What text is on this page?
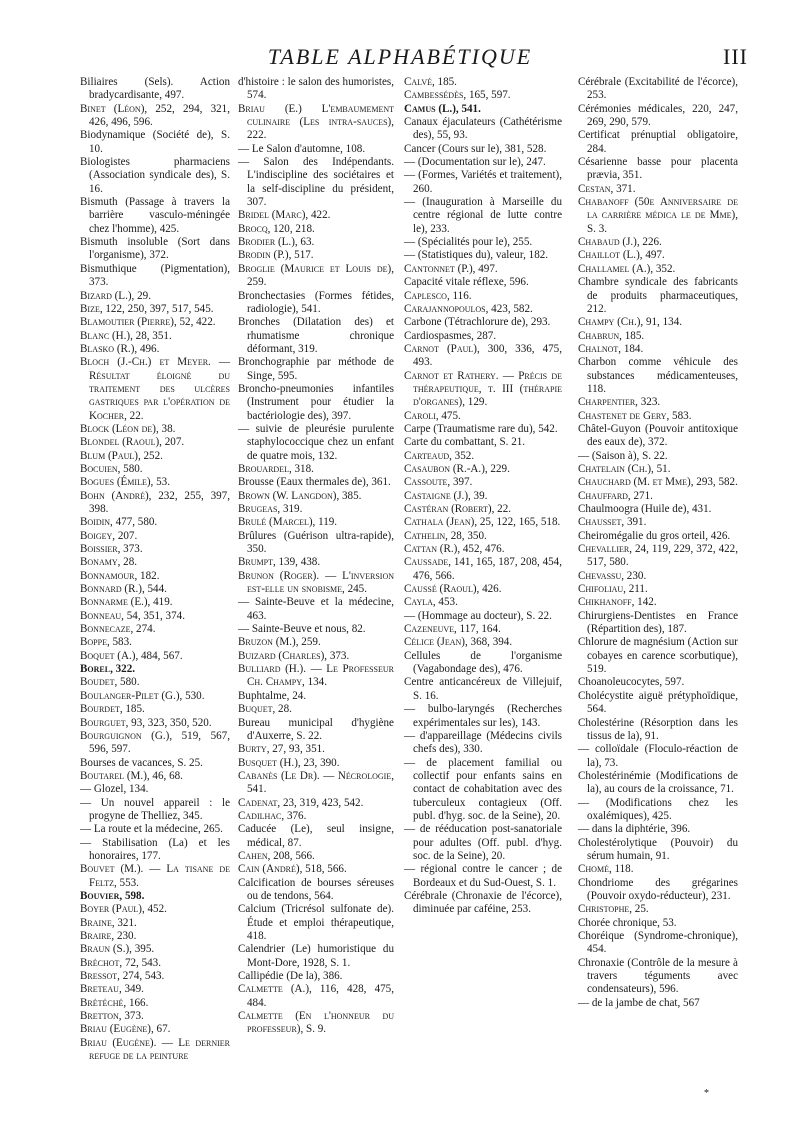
TABLE ALPHABÉTIQUE	III

Biliaires (Sels). Action bradycardisante, 497.

Binet (Léon), 252, 294, 321, 426, 496, 596.

Biodynamique (Société de), S. 10.

Biologistes pharmaciens (Association syndicale des), S. 16.

Bismuth (Passage à travers la barrière vasculo-méningée chez l'homme), 425.

Bismuth insoluble (Sort dans l'organisme), 372.

Bismuthique (Pigmentation), 373.

Bizard (L.), 29.

Bize, 122, 250, 397, 517, 545.

Blamoutier (Pierre), 52, 422.

Blanc (H.), 28, 351.

Blasko (R.), 496.

Bloch (J.-Ch.) et Meyer. — Résultat éloigné du traitement des ulcères gastriques par l'opération de Kocher, 22.

Block (Léon de), 38.

Blondel (Raoul), 207.

Blum (Paul), 252.

Bocuien, 580.

Bogues (Émile), 53.

Bohn (André), 232, 255, 397, 398.

Boidin, 477, 580.

Boigey, 207.

Boissier, 373.

Bonamy, 28.

Bonnamour, 182.

Bonnard (R.), 544.

Bonnarme (E.), 419.

Bonneau, 54, 351, 374.

Bonnecaze, 274.

Boppe, 583.

Boquet (A.), 484, 567.

Borel, 322.

Boudet, 580.

Boulanger-Pilet (G.), 530.

Bourdet, 185.

Bourguet, 93, 323, 350, 520.

Bourguignon (G.), 519, 567, 596, 597.

Bourses de vacances, S. 25.

Boutarel (M.), 46, 68.

— Glozel, 134.

— Un nouvel appareil : le progyne de Thelliez, 345.

— La route et la médecine, 265.

— Stabilisation (La) et les honoraires, 177.

Bouvet (M.). — La tisane de Feltz, 553.

Bouvier, 598.

Boyer (Paul), 452.

Braine, 321.

Braire, 230.

Braun (S.), 395.

Bréchot, 72, 543.

Bressot, 274, 543.

Breteau, 349.

Brétéché, 166.

Bretton, 373.

Briau (Eugène), 67.

Briau (Eugène). — Le dernier refuge de la peinture

d'histoire : le salon des humoristes, 574.

Briau (E.) L'embaumement culinaire (Les intra-sauces), 222.

— Le Salon d'automne, 108.

— Salon des Indépendants. L'indiscipline des sociétaires et la self-discipline du président, 307.

Bridel (Marc), 422.

Brocq, 120, 218.

Brodier (L.), 63.

Brodin (P.), 517.

Broglie (Maurice et Louis de), 259.

Bronchectasies (Formes fétides, radiologie), 541.

Bronches (Dilatation des) et rhumatisme chronique déformant, 319.

Bronchographie par méthode de Singe, 595.

Broncho-pneumonies infantiles (Instrument pour étudier la bactériologie des), 397.

— suivie de pleurésie purulente staphylococcique chez un enfant de quatre mois, 132.

Brouardel, 318.

Brousse (Eaux thermales de), 361.

Brown (W. Langdon), 385.

Brugeas, 319.

Brulé (Marcel), 119.

Brûlures (Guérison ultra-rapide), 350.

Brumpt, 139, 438.

Brunon (Roger). — L'inversion est-elle un snobisme, 245.

— Sainte-Beuve et la médecine, 463.

— Sainte-Beuve et nous, 82.

Bruzon (M.), 259.

Buizard (Charles), 373.

Bulliard (H.). — Le Professeur Ch. Champy, 134.

Buphtalme, 24.

Buquet, 28.

Bureau municipal d'hygiène d'Auxerre, S. 22.

Burty, 27, 93, 351.

Busquet (H.), 23, 390.

Cabanès (Le Dr). — Nécrologie, 541.

Cadenat, 23, 319, 423, 542.

Cadilhac, 376.

Caducée (Le), seul insigne, médical, 87.

Cahen, 208, 566.

Cain (André), 518, 566.

Calcification de bourses séreuses ou de tendons, 564.

Calcium (Tricrésol sulfonate de). Étude et emploi thérapeutique, 418.

Calendrier (Le) humoristique du Mont-Dore, 1928, S. 1.

Callipédie (De la), 386.

Calmette (A.), 116, 428, 475, 484.

Calmette (En l'honneur du professeur), S. 9.

Calvé, 185.

Cambessédès, 165, 597.

Camus (L.), 541.

Canaux éjaculateurs (Cathétérisme des), 55, 93.

Cancer (Cours sur le), 381, 528.

— (Documentation sur le), 247.

— (Formes, Variétés et traitement), 260.

— (Inauguration à Marseille du centre régional de lutte contre le), 233.

— (Spécialités pour le), 255.

— (Statistiques du), valeur, 182.

Cantonnet (P.), 497.

Capacité vitale réflexe, 596.

Caplesco, 116.

Carajannopoulos, 423, 582.

Carbone (Tétrachlorure de), 293.

Cardiospasmes, 287.

Carnot (Paul), 300, 336, 475, 493.

Carnot et Rathery. — Précis de thérapeutique, t. III (thérapie d'organes), 129.

Caroli, 475.

Carpe (Traumatisme rare du), 542.

Carte du combattant, S. 21.

Carteaud, 352.

Casaubon (R.-A.), 229.

Cassoute, 397.

Castaigne (J.), 39.

Castéran (Robert), 22.

Cathala (Jean), 25, 122, 165, 518.

Cathelin, 28, 350.

Cattan (R.), 452, 476.

Caussade, 141, 165, 187, 208, 454, 476, 566.

Caussé (Raoul), 426.

Cayla, 453.

— (Hommage au docteur), S. 22.

Cazeneuve, 117, 164.

Célice (Jean), 368, 394.

Cellules de l'organisme (Vagabondage des), 476.

Centre anticancéreux de Villejuif, S. 16.

— bulbo-laryngés (Recherches expérimentales sur les), 143.

— d'appareillage (Médecins civils chefs des), 330.

— de placement familial ou collectif pour enfants sains en contact de cohabitation avec des tuberculeux contagieux (Off. publ. d'hyg. soc. de la Seine), 20.

— de rééducation post-sanatoriale pour adultes (Off. publ. d'hyg. soc. de la Seine), 20.

— régional contre le cancer ; de Bordeaux et du Sud-Ouest, S. 1.

Cérébrale (Chronaxie de l'écorce), diminuée par caféine, 253.

Cérébrale (Excitabilité de l'écorce), 253.

Cérémonies médicales, 220, 247, 269, 290, 579.

Certificat prénuptial obligatoire, 284.

Césarienne basse pour placenta prævia, 351.

Cestan, 371.

Chabanoff (50e Anniversaire de la carrière médica le de Mme), S. 3.

Chabaud (J.), 226.

Chaillot (L.), 497.

Challamel (A.), 352.

Chambre syndicale des fabricants de produits pharmaceutiques, 212.

Champy (Ch.), 91, 134.

Chabrun, 185.

Chalnot, 184.

Charbon comme véhicule des substances médicamenteuses, 118.

Charpentier, 323.

Chastenet de Gery, 583.

Châtel-Guyon (Pouvoir antitoxique des eaux de), 372.

— (Saison à), S. 22.

Chatelain (Ch.), 51.

Chauchard (M. et Mme), 293, 582.

Chauffard, 271.

Chaulmoogra (Huile de), 431.

Chausset, 391.

Cheiromégalie du gros orteil, 426.

Chevallier, 24, 119, 229, 372, 422, 517, 580.

Chevassu, 230.

Chifoliau, 211.

Chikhanoff, 142.

Chirurgiens-Dentistes en France (Répartition des), 187.

Chlorure de magnésium (Action sur cobayes en carence scorbutique), 519.

Choanoleucocytes, 597.

Cholécystite aiguë prétyphoïdique, 564.

Cholestérine (Résorption dans les tissus de la), 91.

— colloïdale (Floculo-réaction de la), 73.

Cholestérinémie (Modifications de la), au cours de la croissance, 71.

— (Modifications chez les oxalémiques), 425.

— dans la diphtérie, 396.

Cholestérolytique (Pouvoir) du sérum humain, 91.

Chomé, 118.

Chondriome des grégarines (Pouvoir oxydo-réducteur), 231.

Christophe, 25.

Chorée chronique, 53.

Choréique (Syndrome-chronique), 454.

Chronaxie (Contrôle de la mesure à travers téguments avec condensateurs), 596.

— de la jambe de chat, 567

*
